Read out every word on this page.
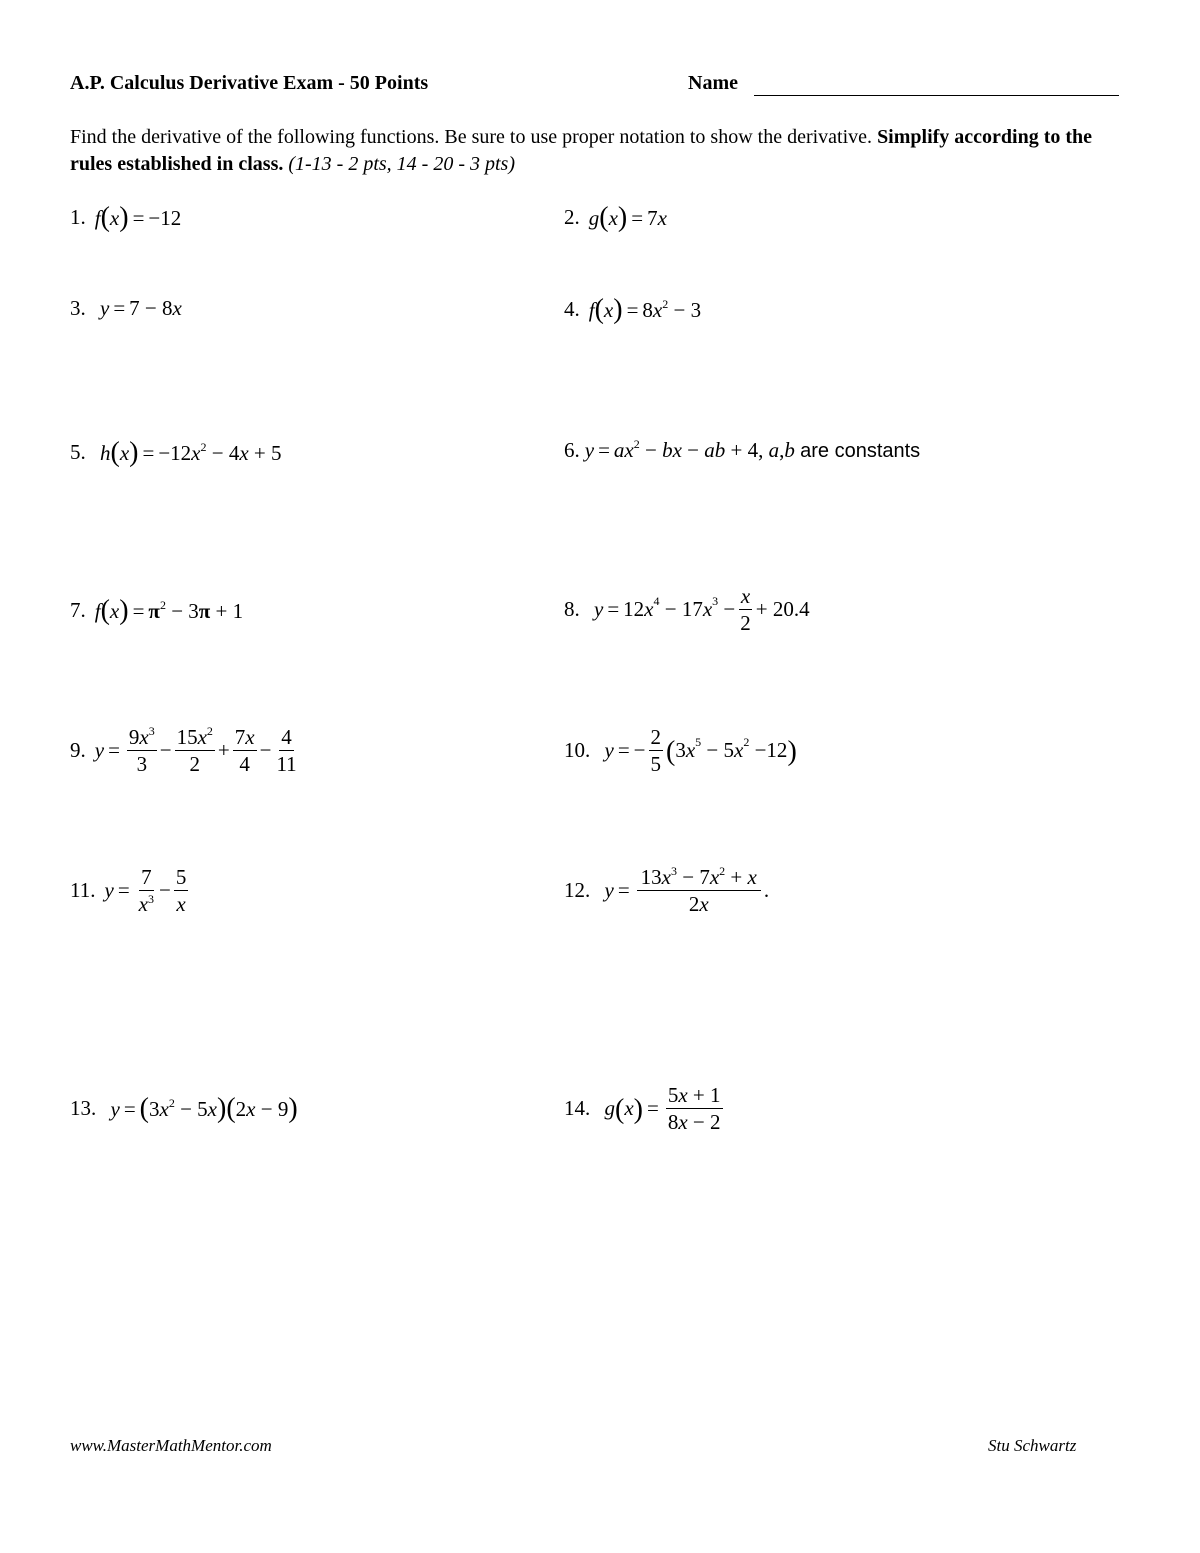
A.P. Calculus Derivative Exam - 50 Points	Name
Find the derivative of the following functions. Be sure to use proper notation to show the derivative. Simplify according to the rules established in class. (1-13 - 2 pts, 14 - 20 - 3 pts)
1. f(x) = −12	2. g(x) = 7x
3. y = 7 − 8x	4. $f(x) = 8x^2 - 3$
5. $h(x) = -12x^2 - 4x + 5$	6. $y = ax^2$ − bx − ab + 4, a,b are constants
7. $f(x) = \pi^2 - 3\pi + 1$	8.
y = 12 $x^4 - 17$ $x^3 - \frac{x}{2} + 20.4$
9. $y = \frac{9x^3}{3} - \frac{15x^2}{2} + \frac{7x}{4} - \frac{4}{11}$	10.
y = − $\frac{2}{5}$ ( 3 $x^5 - 5$ $x^2 -12$ )
11. $y = \frac{7}{x^3} - \frac{5}{x}$	12.
$y = \frac{13x^3 - 7x^2 + x}{2x}$ .
13. $y = (3x^2 - 5x)(2x - 9)$	14.
g ( x ) = $\frac{5x + 1}{8x - 2}$
www.MasterMathMentor.com	Stu Schwartz
